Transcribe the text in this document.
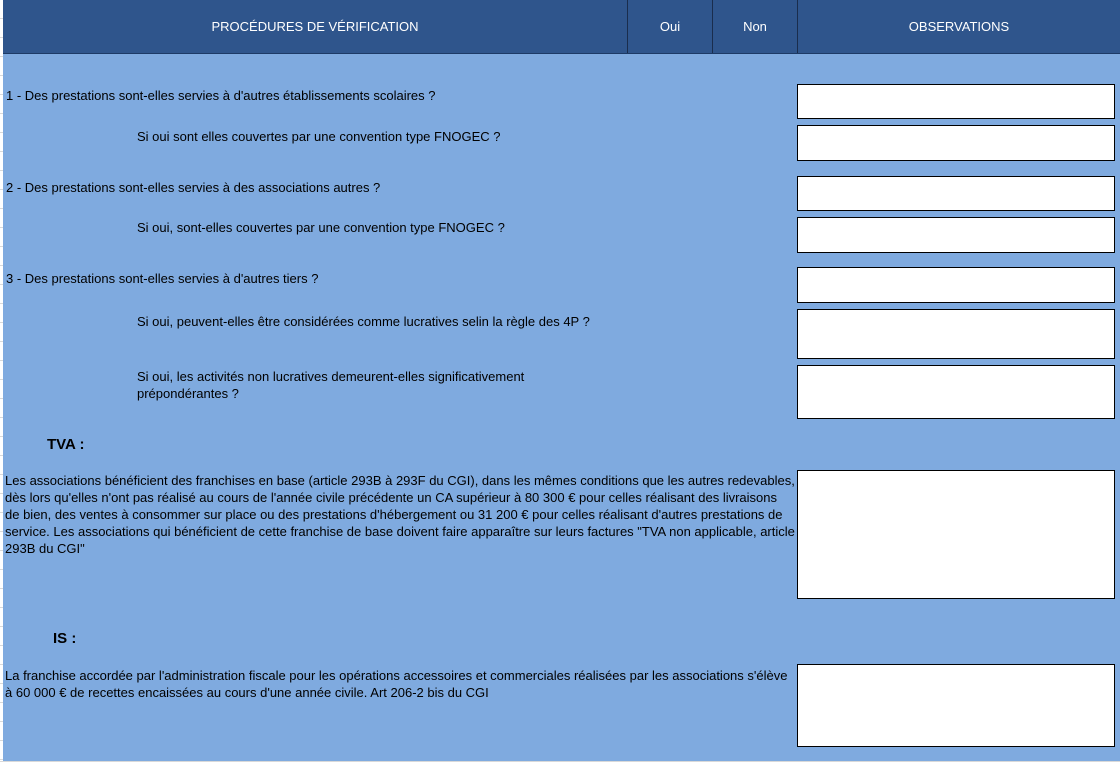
PROCÉDURES DE VÉRIFICATION	Oui	Non	OBSERVATIONS
1 - Des prestations sont-elles servies à d'autres établissements scolaires ?
Si oui sont elles couvertes par une convention type FNOGEC ?
2 - Des prestations sont-elles servies à des associations autres ?
Si oui, sont-elles couvertes par une convention type FNOGEC ?
3 - Des prestations sont-elles servies à d'autres tiers ?
Si oui, peuvent-elles être considérées comme lucratives selin la règle des 4P ?
Si oui, les activités non lucratives demeurent-elles significativement prépondérantes ?
TVA :
Les associations bénéficient des franchises en base (article 293B à 293F du CGI), dans les mêmes conditions que les autres redevables, dès lors qu'elles n'ont pas réalisé au cours de l'année civile précédente un CA supérieur à 80 300 € pour celles réalisant des livraisons de bien, des ventes à consommer sur place ou des prestations d'hébergement ou 31 200 € pour celles réalisant d'autres prestations de service. Les associations qui bénéficient de cette franchise de base doivent faire apparaître sur leurs factures "TVA non applicable, article 293B du CGI"
IS :
La franchise accordée par l'administration fiscale pour les opérations accessoires et commerciales réalisées par les associations s'élève à 60 000 € de recettes encaissées au cours d'une année civile. Art 206-2 bis du CGI
